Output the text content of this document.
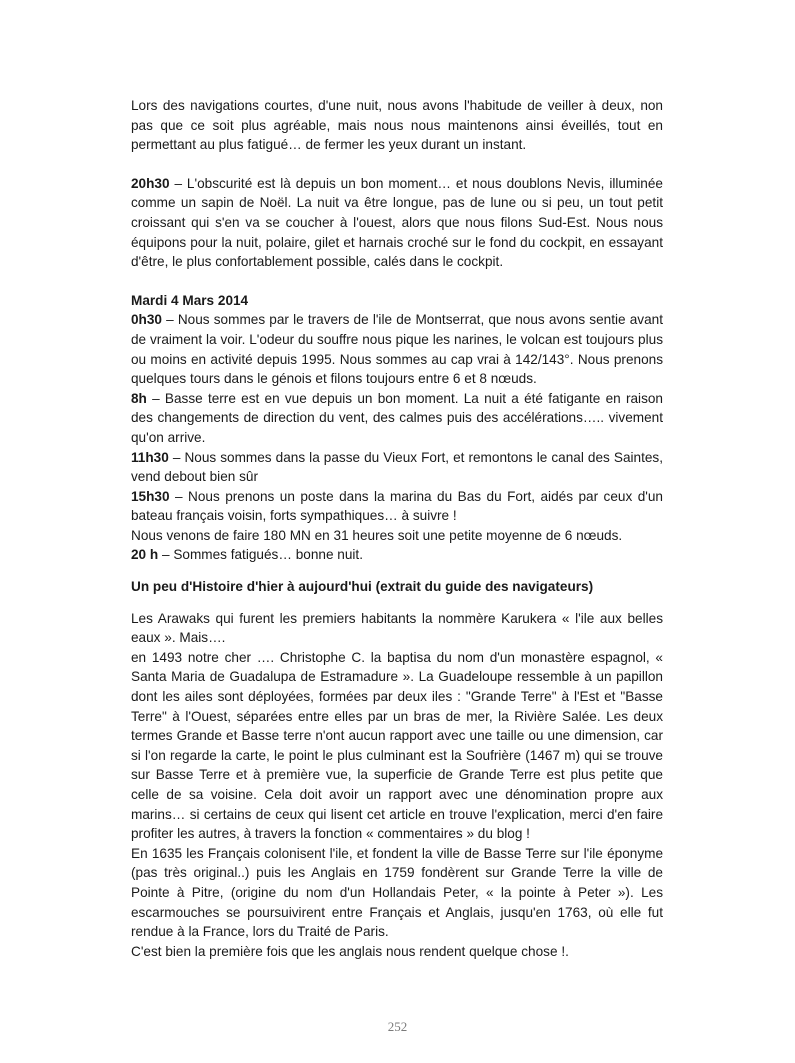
Lors des navigations courtes, d'une nuit, nous avons l'habitude de veiller à deux, non pas que ce soit plus agréable, mais nous nous maintenons ainsi éveillés, tout en permettant au plus fatigué… de fermer les yeux durant un instant.

20h30 – L'obscurité est là depuis un bon moment… et nous doublons Nevis, illuminée comme un sapin de Noël. La nuit va être longue, pas de lune ou si peu, un tout petit croissant qui s'en va se coucher à l'ouest, alors que nous filons Sud-Est. Nous nous équipons pour la nuit, polaire, gilet et harnais croché sur le fond du cockpit, en essayant d'être, le plus confortablement possible, calés dans le cockpit.

Mardi 4 Mars 2014

0h30 – Nous sommes par le travers de l'ile de Montserrat, que nous avons sentie avant de vraiment la voir. L'odeur du souffre nous pique les narines, le volcan est toujours plus ou moins en activité depuis 1995. Nous sommes au cap vrai à 142/143°. Nous prenons quelques tours dans le génois et filons toujours entre 6 et 8 nœuds.

8h – Basse terre est en vue depuis un bon moment. La nuit a été fatigante en raison des changements de direction du vent, des calmes puis des accélérations….. vivement qu'on arrive.

11h30 – Nous sommes dans la passe du Vieux Fort, et remontons le canal des Saintes, vend debout bien sûr

15h30 – Nous prenons un poste dans la marina du Bas du Fort, aidés par ceux d'un bateau français voisin, forts sympathiques… à suivre !

Nous venons de faire 180 MN en 31 heures soit une petite moyenne de 6 nœuds.

20 h – Sommes fatigués… bonne nuit.

Un peu d'Histoire d'hier à aujourd'hui (extrait du guide des navigateurs)

Les Arawaks qui furent les premiers habitants la nommère Karukera « l'ile aux belles eaux ». Mais….

en 1493 notre cher …. Christophe C. la baptisa du nom d'un monastère espagnol, « Santa Maria de Guadalupa de Estramadure ». La Guadeloupe ressemble à un papillon dont les ailes sont déployées, formées par deux iles : "Grande Terre" à l'Est et "Basse Terre" à l'Ouest, séparées entre elles par un bras de mer, la Rivière Salée. Les deux termes Grande et Basse terre n'ont aucun rapport avec une taille ou une dimension, car si l'on regarde la carte, le point le plus culminant est la Soufrière (1467 m) qui se trouve sur Basse Terre et à première vue, la superficie de Grande Terre est plus petite que celle de sa voisine. Cela doit avoir un rapport avec une dénomination propre aux marins… si certains de ceux qui lisent cet article en trouve l'explication, merci d'en faire profiter les autres, à travers la fonction « commentaires » du blog !

En 1635 les Français colonisent l'ile, et fondent la ville de Basse Terre sur l'ile éponyme (pas très original..) puis les Anglais en 1759 fondèrent sur Grande Terre la ville de Pointe à Pitre, (origine du nom d'un Hollandais Peter, « la pointe à Peter »). Les escarmouches se poursuivirent entre Français et Anglais, jusqu'en 1763, où elle fut rendue à la France, lors du Traité de Paris.

C'est bien la première fois que les anglais nous rendent quelque chose !.

252
